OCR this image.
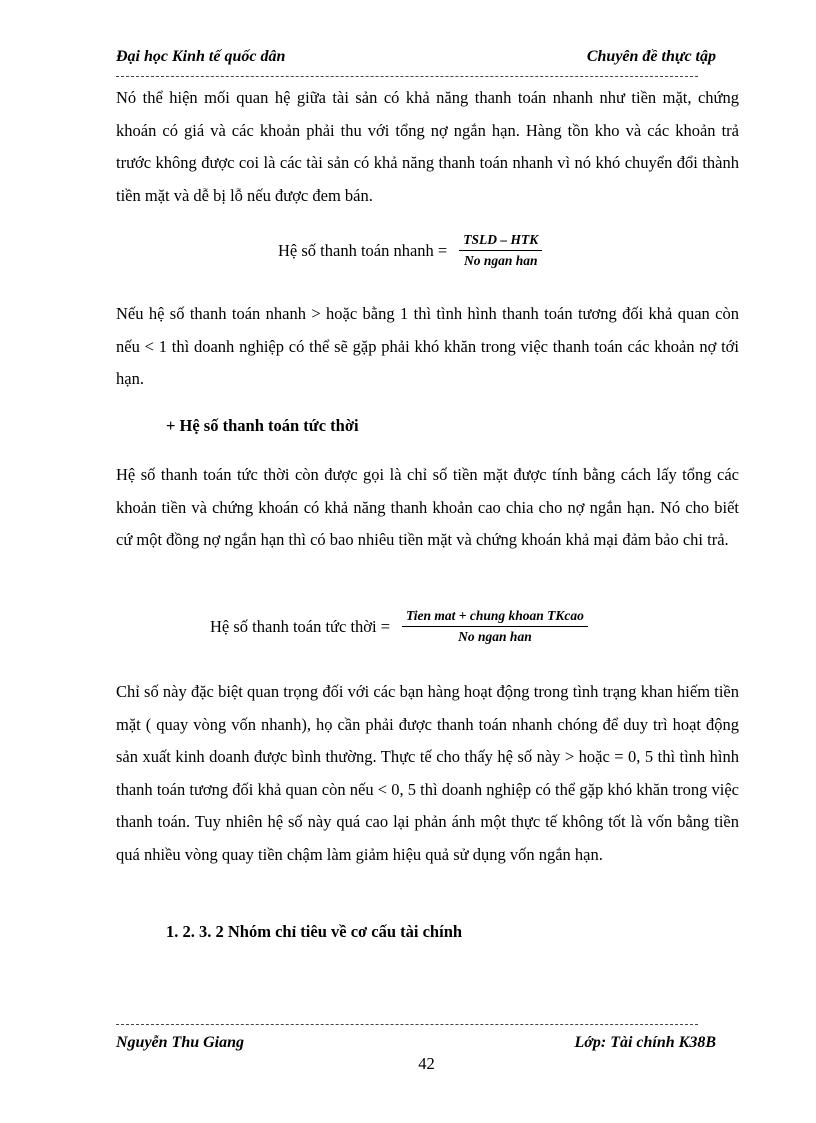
Đại học Kinh tế quốc dân	Chuyên đề thực tập

Nó thể hiện mối quan hệ giữa tài sản có khả năng thanh toán nhanh như tiền mặt, chứng khoán có giá và các khoản phải thu với tổng nợ ngắn hạn. Hàng tồn kho và các khoản trả trước không được coi là các tài sản có khả năng thanh toán nhanh vì nó khó chuyển đổi thành tiền mặt và dễ bị lỗ nếu được đem bán.

Hệ số thanh toán nhanh = $\frac{\text{TSLD – HTK}}{\text{No ngan han}}$

Nếu hệ số thanh toán nhanh > hoặc bằng 1 thì tình hình thanh toán tương đối khả quan còn nếu < 1 thì doanh nghiệp có thể sẽ gặp phải khó khăn trong việc thanh toán các khoản nợ tới hạn.

+ Hệ số thanh toán tức thời

Hệ số thanh toán tức thời còn được gọi là chỉ số tiền mặt được tính bằng cách lấy tổng các khoản tiền và chứng khoán có khả năng thanh khoản cao chia cho nợ ngắn hạn. Nó cho biết cứ một đồng nợ ngắn hạn thì có bao nhiêu tiền mặt và chứng khoán khả mại đảm bảo chi trả.

Hệ số thanh toán tức thời = $\frac{\text{Tien mat + chung khoan TKcao}}{\text{No ngan han}}$

Chỉ số này đặc biệt quan trọng đối với các bạn hàng hoạt động trong tình trạng khan hiếm tiền mặt ( quay vòng vốn nhanh), họ cần phải được thanh toán nhanh chóng để duy trì hoạt động sản xuất kinh doanh được bình thường. Thực tế cho thấy hệ số này > hoặc = 0, 5 thì tình hình thanh toán tương đối khả quan còn nếu < 0, 5 thì doanh nghiệp có thể gặp khó khăn trong việc thanh toán. Tuy nhiên hệ số này quá cao lại phản ánh một thực tế không tốt là vốn bằng tiền quá nhiều vòng quay tiền chậm làm giảm hiệu quả sử dụng vốn ngắn hạn.

1. 2. 3. 2 Nhóm chỉ tiêu về cơ cấu tài chính
Nguyễn Thu Giang	Lớp: Tài chính K38B
42
